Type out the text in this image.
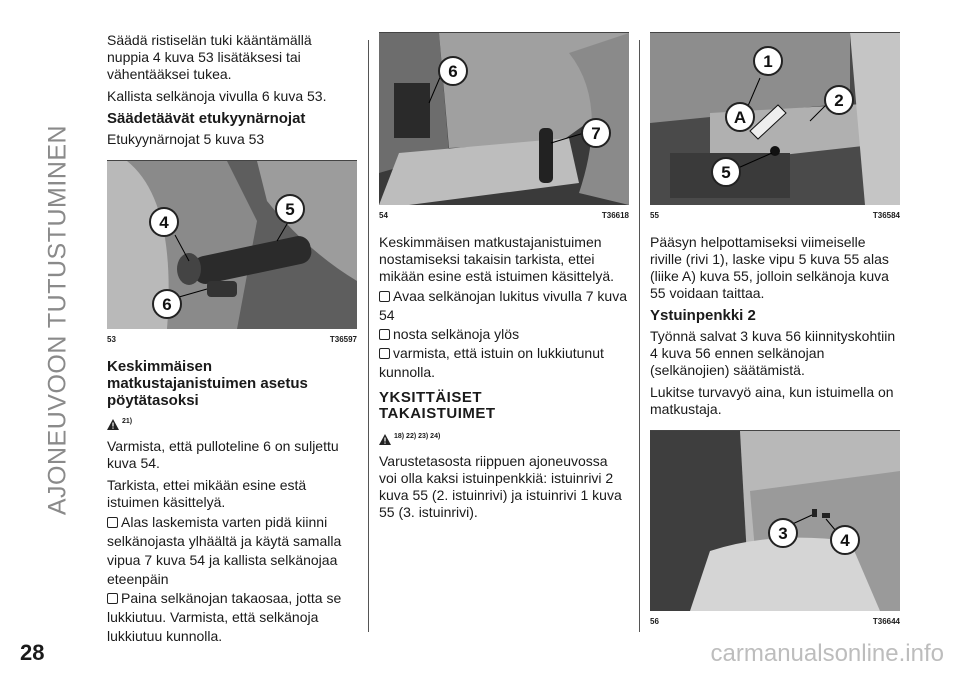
AJONEUVOON TUTUSTUMINEN

Säädä ristiselän tuki kääntämällä nuppia 4 kuva 53 lisätäksesi tai vähentääksei tukea.

Kallista selkänoja vivulla 6 kuva 53.

Säädetäävät etukyynärnojat

Etukyynärnojat 5 kuva 53

4
5
6
53	T36597
Keskimmäisen matkustajanistuimen asetus pöytätasoksi
21)

Varmista, että pulloteline 6 on suljettu kuva 54.

Tarkista, ettei mikään esine estä istuimen käsittelyä.

Alas laskemista varten pidä kiinni selkänojasta ylhäältä ja käytä samalla vipua 7 kuva 54 ja kallista selkänojaa eteenpäin

Paina selkänojan takaosaa, jotta se lukkiutuu. Varmista, että selkänoja lukkiutuu kunnolla.

6
7
54	T36618

Keskimmäisen matkustajanistuimen nostamiseksi takaisin tarkista, ettei mikään esine estä istuimen käsittelyä.

Avaa selkänojan lukitus vivulla 7 kuva 54

nosta selkänoja ylös

varmista, että istuin on lukkiutunut kunnolla.

YKSITTÄISET TAKAISTUIMET
18) 22) 23) 24)

Varustetasosta riippuen ajoneuvossa voi olla kaksi istuinpenkkiä: istuinrivi 2 kuva 55 (2. istuinrivi) ja istuinrivi 1 kuva 55 (3. istuinrivi).

1
2
A
5
55	T36584

Pääsyn helpottamiseksi viimeiselle riville (rivi 1), laske vipu 5 kuva 55 alas (liike A) kuva 55, jolloin selkänoja kuva 55 voidaan taittaa.

Ystuinpenkki 2

Työnnä salvat 3 kuva 56 kiinnityskohtiin 4 kuva 56 ennen selkänojan (selkänojien) säätämistä.

Lukitse turvavyö aina, kun istuimella on matkustaja.

3	4
56	T36644
28	carmanualsonline.info
